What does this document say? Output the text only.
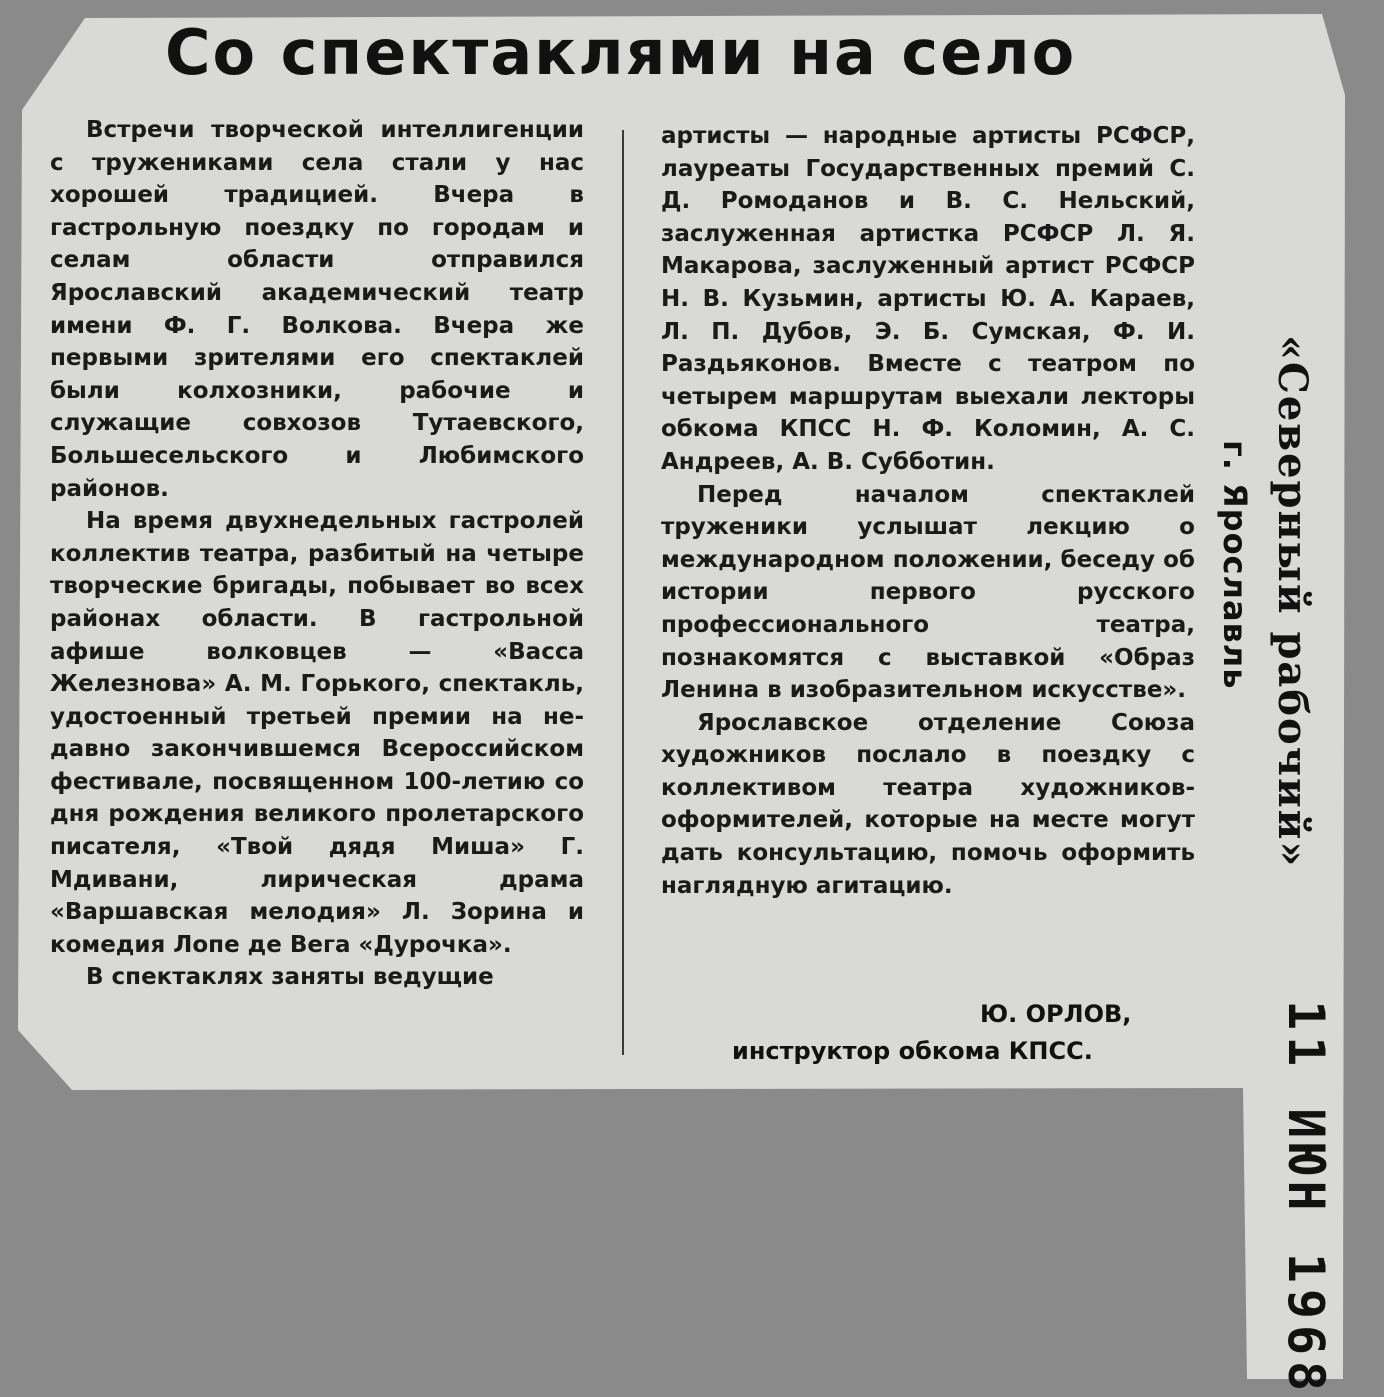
Со спектаклями на село

Встречи творческой интеллигенции с тружениками села стали у нас хорошей традицией. Вчера в гастрольную поездку по городам и селам области отправился Ярославский академический театр имени Ф. Г. Волкова. Вчера же первыми зрителями его спектаклей были колхозники, рабочие и служащие совхозов Тутаевского, Большесельского и Любимского районов.

На время двухнедельных гастролей коллектив театра, разбитый на четыре творческие бригады, побывает во всех районах области. В гастрольной афише волковцев — «Васса Железнова» А. М. Горького, спектакль, удостоенный третьей премии на недавно закончившемся Всероссийском фестивале, посвященном 100-летию со дня рождения великого пролетарского писателя, «Твой дядя Миша» Г. Мдивани, лирическая драма «Варшавская мелодия» Л. Зорина и комедия Лопе де Вега «Дурочка».

В спектаклях заняты ведущие

артисты — народные артисты РСФСР, лауреаты Государственных премий С. Д. Ромоданов и В. С. Нельский, заслуженная артистка РСФСР Л. Я. Макарова, заслуженный артист РСФСР Н. В. Кузьмин, артисты Ю. А. Караев, Л. П. Дубов, Э. Б. Сумская, Ф. И. Раздьяконов. Вместе с театром по четырем маршрутам выехали лекторы обкома КПСС Н. Ф. Коломин, А. С. Андреев, А. В. Субботин.

Перед началом спектаклей труженики услышат лекцию о международном положении, беседу об истории первого русского профессионального театра, познакомятся с выставкой «Образ Ленина в изобразительном искусстве».

Ярославское отделение Союза художников послало в поездку с коллективом театра художников-оформителей, которые на месте могут дать консультацию, помочь оформить наглядную агитацию.

Ю. ОРЛОВ,
инструктор обкома КПСС.
«Северный рабочий»
г. Ярославль
11 ИЮН 1968
